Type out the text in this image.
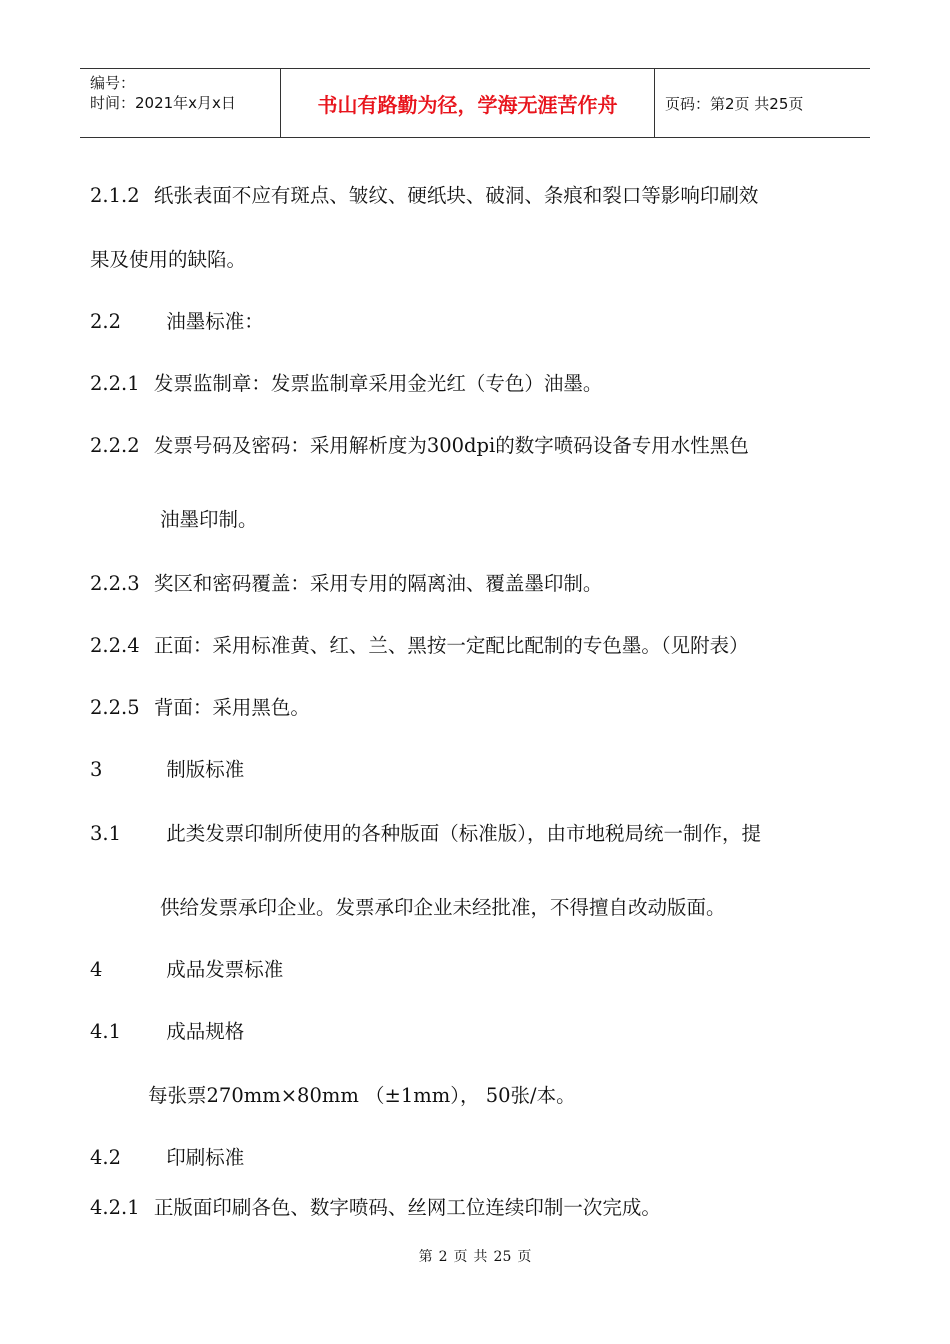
编号：
时间：2021年x月x日	书山有路勤为径，学海无涯苦作舟	页码：第2页 共25页
2.1.2 纸张表面不应有斑点、皱纹、硬纸块、破洞、条痕和裂口等影响印刷效
果及使用的缺陷。
2.2 油墨标准：
2.2.1 发票监制章：发票监制章采用金光红（专色）油墨。
2.2.2 发票号码及密码：采用解析度为300dpi的数字喷码设备专用水性黑色
油墨印制。
2.2.3 奖区和密码覆盖：采用专用的隔离油、覆盖墨印制。
2.2.4 正面：采用标准黄、红、兰、黑按一定配比配制的专色墨。（见附表）
2.2.5 背面：采用黑色。
3	制版标准
3.1 此类发票印制所使用的各种版面（标准版），由市地税局统一制作，提
供给发票承印企业。发票承印企业未经批准，不得擅自改动版面。
4	成品发票标准
4.1 成品规格
每张票270mm×80mm （±1mm）， 50张/本。
4.2 印刷标准
4.2.1 正版面印刷各色、数字喷码、丝网工位连续印制一次完成。
第 2 页 共 25 页
